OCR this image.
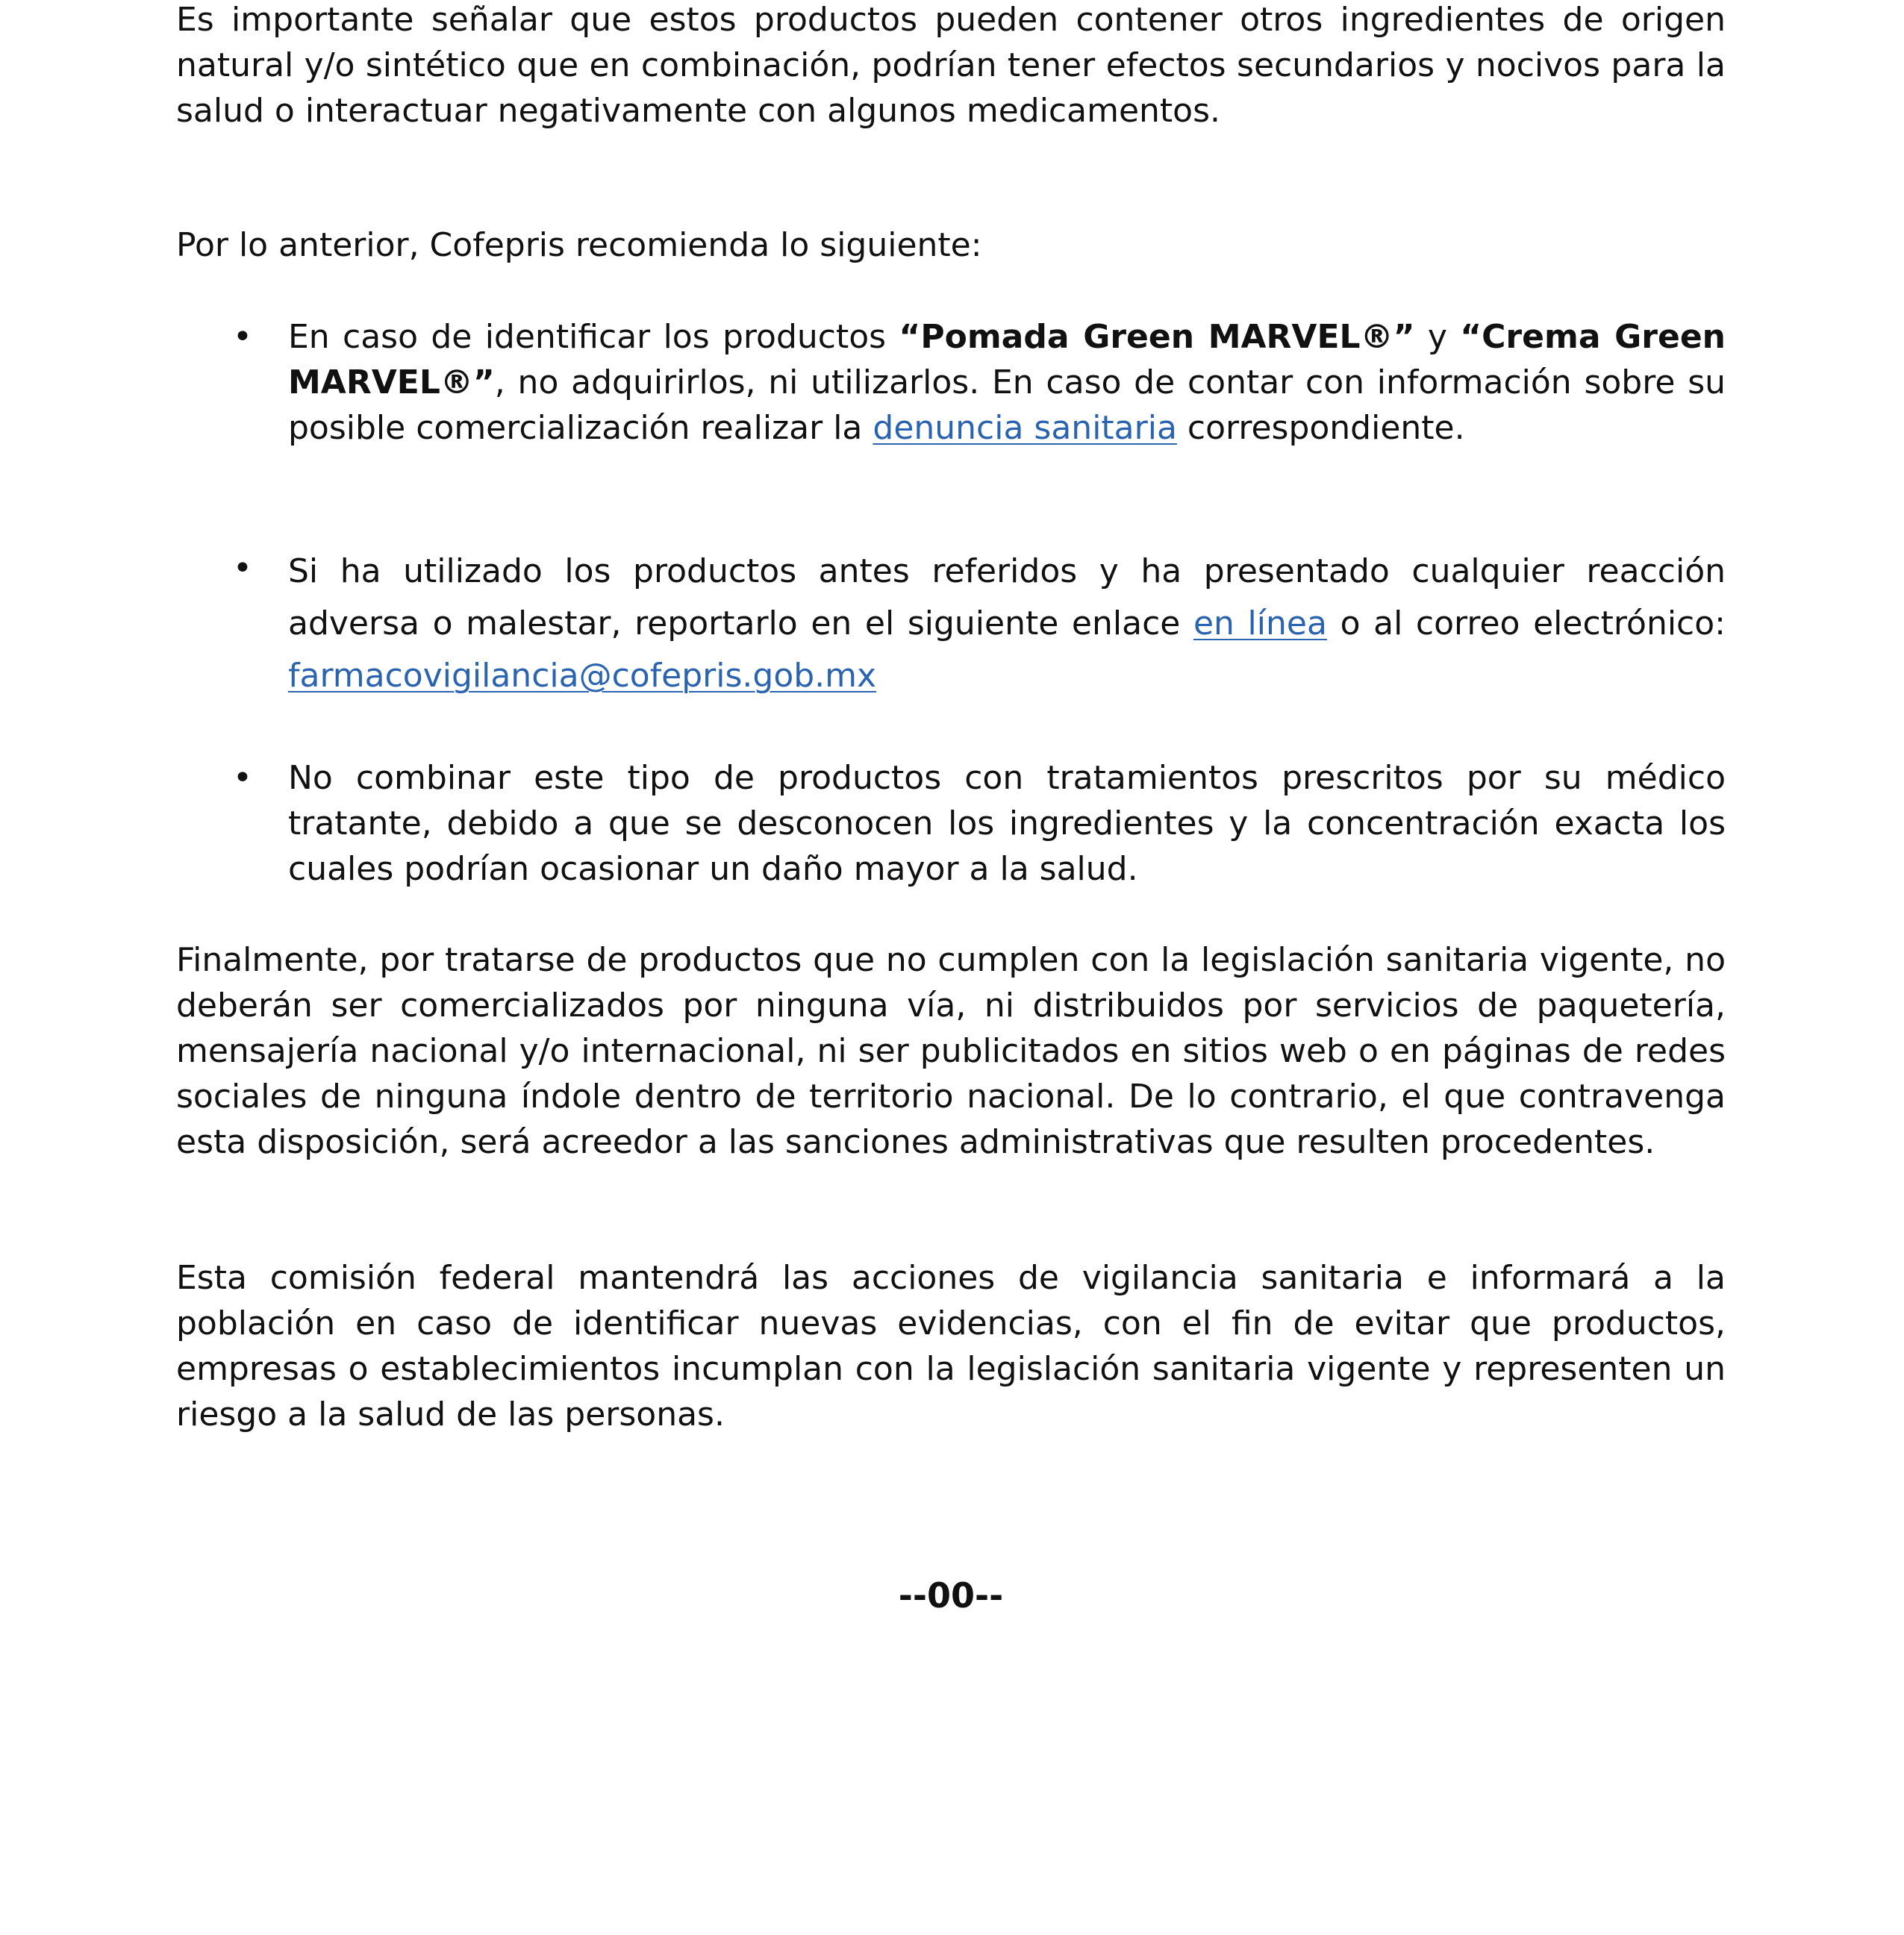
Es importante señalar que estos productos pueden contener otros ingredientes de origen natural y/o sintético que en combinación, podrían tener efectos secundarios y nocivos para la salud o interactuar negativamente con algunos medicamentos.

Por lo anterior, Cofepris recomienda lo siguiente:

• En caso de identificar los productos “Pomada Green MARVEL®” y “Crema Green MARVEL®”, no adquirirlos, ni utilizarlos. En caso de contar con información sobre su posible comercialización realizar la denuncia sanitaria correspondiente.
• Si ha utilizado los productos antes referidos y ha presentado cualquier reacción adversa o malestar, reportarlo en el siguiente enlace en línea o al correo electrónico: farmacovigilancia@cofepris.gob.mx
• No combinar este tipo de productos con tratamientos prescritos por su médico tratante, debido a que se desconocen los ingredientes y la concentración exacta los cuales podrían ocasionar un daño mayor a la salud.

Finalmente, por tratarse de productos que no cumplen con la legislación sanitaria vigente, no deberán ser comercializados por ninguna vía, ni distribuidos por servicios de paquetería, mensajería nacional y/o internacional, ni ser publicitados en sitios web o en páginas de redes sociales de ninguna índole dentro de territorio nacional. De lo contrario, el que contravenga esta disposición, será acreedor a las sanciones administrativas que resulten procedentes.

Esta comisión federal mantendrá las acciones de vigilancia sanitaria e informará a la población en caso de identificar nuevas evidencias, con el fin de evitar que productos, empresas o establecimientos incumplan con la legislación sanitaria vigente y representen un riesgo a la salud de las personas.

--00--
